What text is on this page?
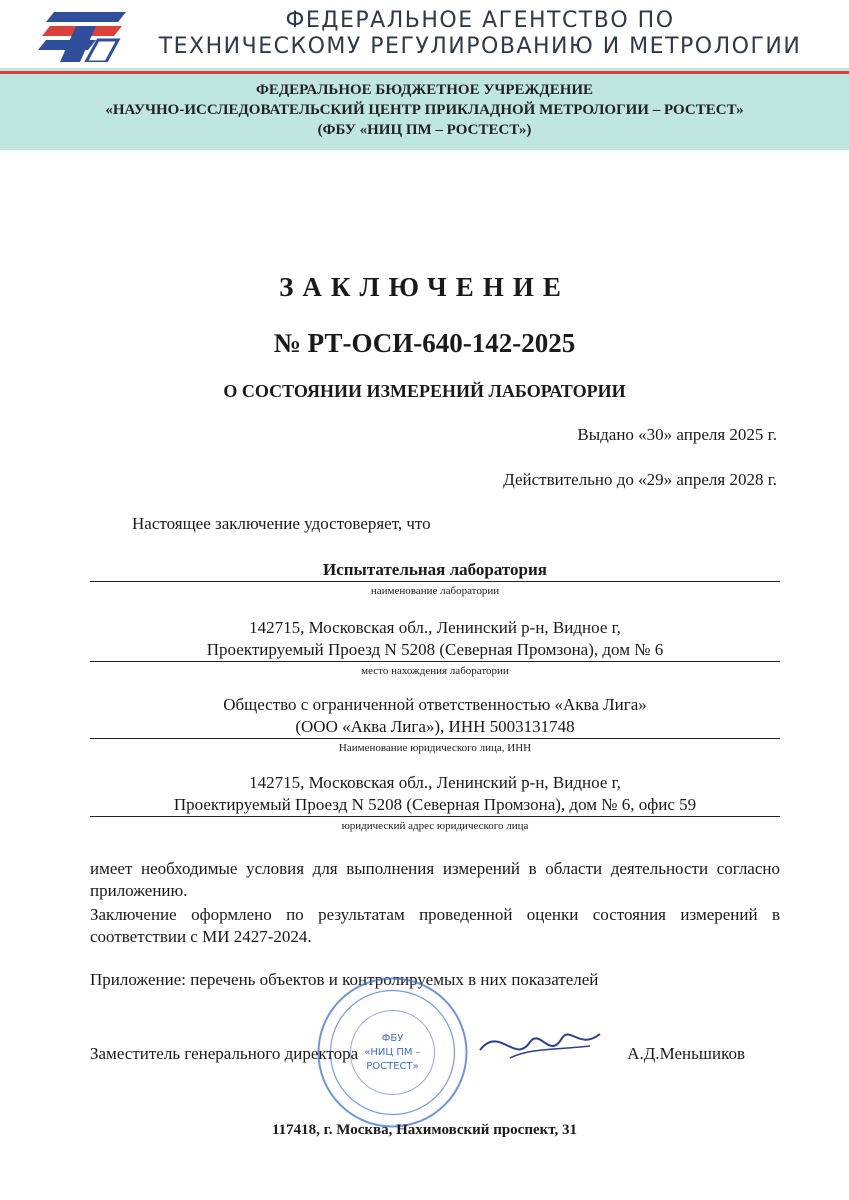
ФЕДЕРАЛЬНОЕ АГЕНТСТВО ПО
ТЕХНИЧЕСКОМУ РЕГУЛИРОВАНИЮ И МЕТРОЛОГИИ
ФЕДЕРАЛЬНОЕ БЮДЖЕТНОЕ УЧРЕЖДЕНИЕ
«НАУЧНО-ИССЛЕДОВАТЕЛЬСКИЙ ЦЕНТР ПРИКЛАДНОЙ МЕТРОЛОГИИ – РОСТЕСТ»
(ФБУ «НИЦ ПМ – РОСТЕСТ»)
ЗАКЛЮЧЕНИЕ
№ РТ-ОСИ-640-142-2025
О СОСТОЯНИИ ИЗМЕРЕНИЙ ЛАБОРАТОРИИ
Выдано «30» апреля 2025 г.
Действительно до «29» апреля 2028 г.
Настоящее заключение удостоверяет, что
Испытательная лаборатория
наименование лаборатории
142715, Московская обл., Ленинский р-н, Видное г,
Проектируемый Проезд N 5208 (Северная Промзона), дом № 6
место нахождения лаборатории
Общество с ограниченной ответственностью «Аква Лига»
(ООО «Аква Лига»), ИНН 5003131748
Наименование юридического лица, ИНН
142715, Московская обл., Ленинский р-н, Видное г,
Проектируемый Проезд N 5208 (Северная Промзона), дом № 6, офис 59
юридический адрес юридического лица
имеет необходимые условия для выполнения измерений в области деятельности согласно приложению.
Заключение оформлено по результатам проведенной оценки состояния измерений в соответствии с МИ 2427-2024.
Приложение: перечень объектов и контролируемых в них показателей
ФБУ
«НИЦ ПМ –
РОСТЕСТ»
Заместитель генерального директора	А.Д.Меньшиков
117418, г. Москва, Нахимовский проспект, 31
